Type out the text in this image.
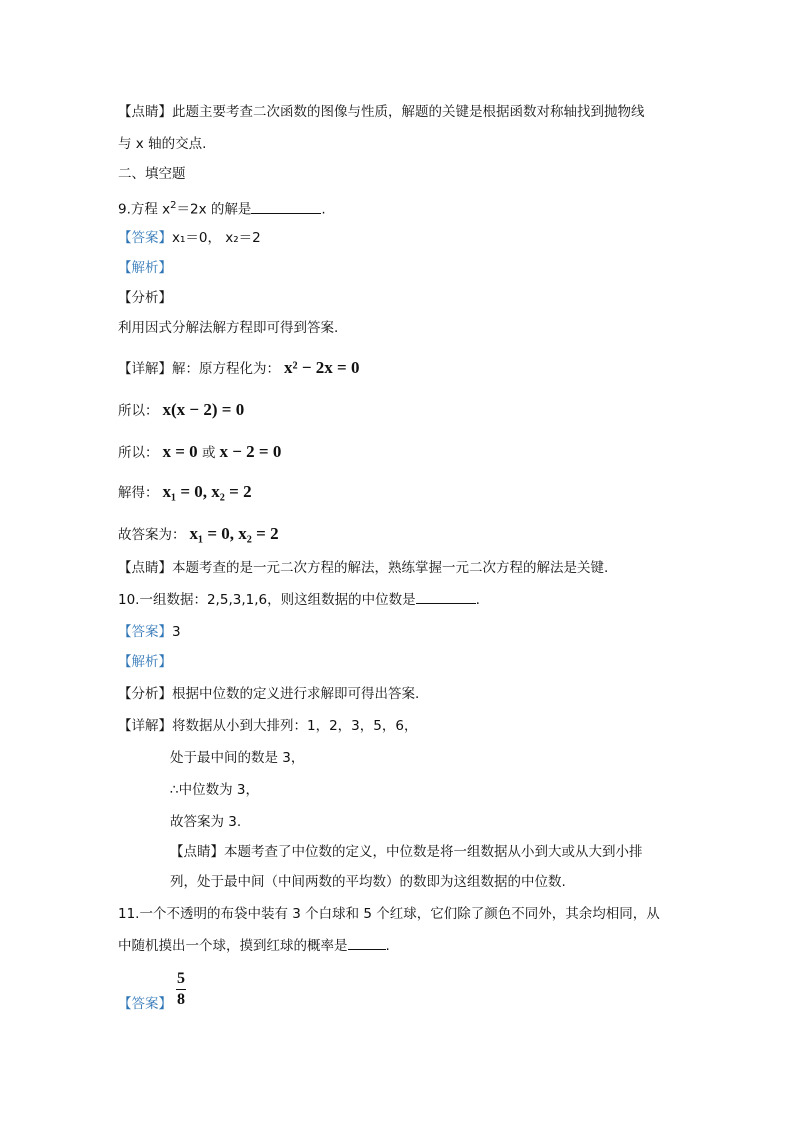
【点睛】此题主要考查二次函数的图像与性质，解题的关键是根据函数对称轴找到抛物线
与 x 轴的交点.
二、填空题
9.方程 $x^2=2x$ 的解是	.
【答案】x₁＝0， x₂＝2
【解析】
【分析】
利用因式分解法解方程即可得到答案.
【详解】解：原方程化为： x² − 2x = 0
所以： x(x − 2) = 0
所以： x = 0 或 x − 2 = 0
解得： x₁ = 0, x₂ = 2
故答案为： x₁ = 0, x₂ = 2
【点睛】本题考查的是一元二次方程的解法，熟练掌握一元二次方程的解法是关键.
10.一组数据：2,5,3,1,6，则这组数据的中位数是	.
【答案】3
【解析】
【分析】根据中位数的定义进行求解即可得出答案.
【详解】将数据从小到大排列：1，2，3，5，6，
处于最中间的数是 3，
∴中位数为 3，
故答案为 3.
【点睛】本题考查了中位数的定义，中位数是将一组数据从小到大或从大到小排
列，处于最中间（中间两数的平均数）的数即为这组数据的中位数.
11.一个不透明的布袋中装有 3 个白球和 5 个红球，它们除了颜色不同外，其余均相同，从
中随机摸出一个球，摸到红球的概率是	.
【答案】
5
8
